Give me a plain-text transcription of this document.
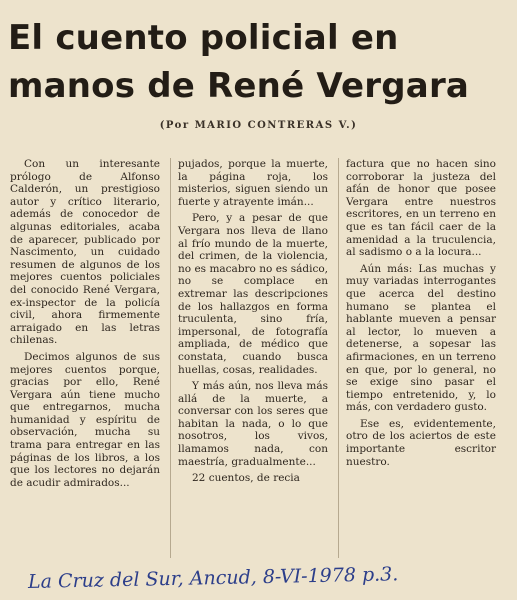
El cuento policial en
manos de René Vergara
(Por MARIO CONTRERAS V.)

Con un interesante prólogo de Alfonso Calderón, un prestigioso autor y crítico literario, además de conocedor de algunas editoriales, acaba de aparecer, publicado por Nascimento, un cuidado resumen de algunos de los mejores cuentos policiales del conocido René Vergara, ex-inspector de la policía civil, ahora firmemente arraigado en las letras chilenas.

Decimos algunos de sus mejores cuentos porque, gracias por ello, René Vergara aún tiene mucho que entregarnos, mucha humanidad y espíritu de observación, mucha su trama para entregar en las páginas de los libros, a los que los lectores no dejarán de acudir admirados...

pujados, porque la muerte, la página roja, los misterios, siguen siendo un fuerte y atrayente imán...

Pero, y a pesar de que Vergara nos lleva de llano al frío mundo de la muerte, del crimen, de la violencia, no es macabro no es sádico, no se complace en extremar las descripciones de los hallazgos en forma truculenta, sino fría, impersonal, de fotografía ampliada, de médico que constata, cuando busca huellas, cosas, realidades.

Y más aún, nos lleva más allá de la muerte, a conversar con los seres que habitan la nada, o lo que nosotros, los vivos, llamamos nada, con maestría, gradualmente...

22 cuentos, de recia

factura que no hacen sino corroborar la justeza del afán de honor que posee Vergara entre nuestros escritores, en un terreno en que es tan fácil caer de la amenidad a la truculencia, al sadismo o a la locura...

Aún más: Las muchas y muy variadas interrogantes que acerca del destino humano se plantea el hablante mueven a pensar al lector, lo mueven a detenerse, a sopesar las afirmaciones, en un terreno en que, por lo general, no se exige sino pasar el tiempo entretenido, y, lo más, con verdadero gusto.

Ese es, evidentemente, otro de los aciertos de este importante escritor nuestro.

La Cruz del Sur, Ancud, 8-VI-1978 p.3.
